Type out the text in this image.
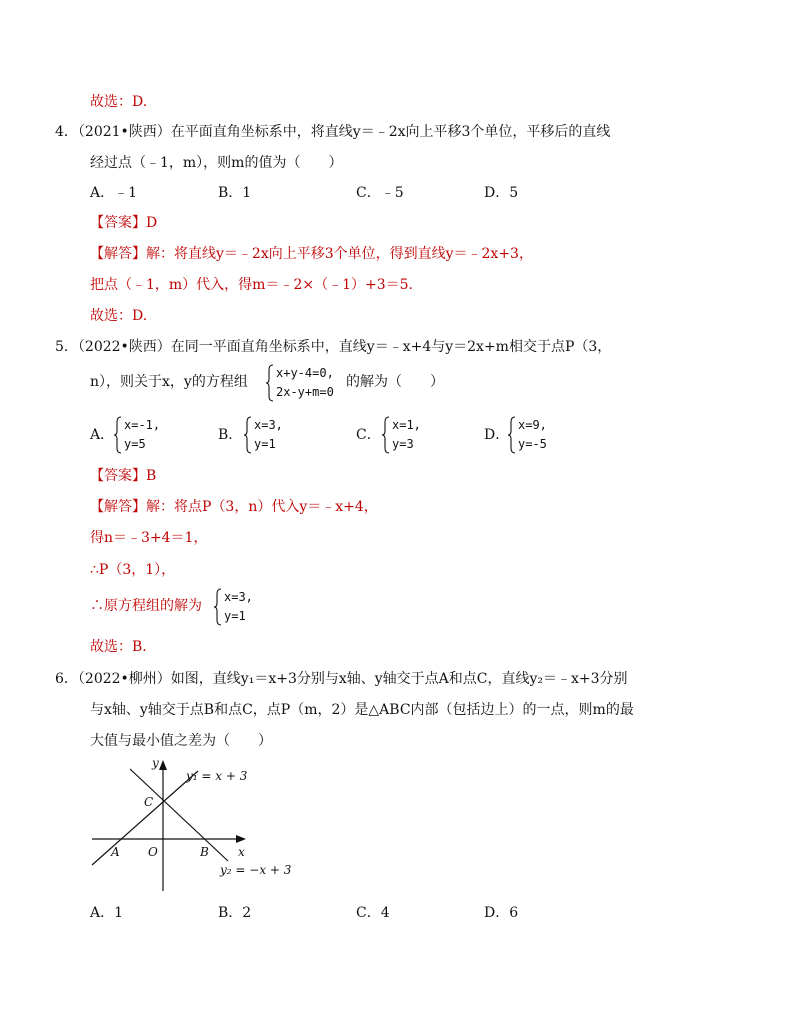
故选：D.
4．（2021•陕西）在平面直角坐标系中，将直线y＝﹣2x向上平移3个单位，平移后的直线
经过点（﹣1，m），则m的值为（　　）
A．﹣1	B．1	C．﹣5	D．5
【答案】D
【解答】解：将直线y＝﹣2x向上平移3个单位，得到直线y＝﹣2x+3，
把点（﹣1，m）代入，得m＝﹣2×（﹣1）+3＝5.
故选：D.
5．（2022•陕西）在同一平面直角坐标系中，直线y＝﹣x+4与y＝2x+m相交于点P（3，
n），则关于x，y的方程组
x+y-4=0,
2x-y+m=0
的解为（　　）
A．
x=-1,
y=5
B．
x=3,
y=1
C．
x=1,
y=3
D．
x=9,
y=-5
【答案】B
【解答】解：将点P（3，n）代入y＝﹣x+4，
得n＝﹣3+4＝1，
∴P（3，1），
∴原方程组的解为
x=3,
y=1
故选：B.
6．（2022•柳州）如图，直线y₁＝x+3分别与x轴、y轴交于点A和点C，直线y₂＝﹣x+3分别
与x轴、y轴交于点B和点C，点P（m，2）是△ABC内部（包括边上）的一点，则m的最
大值与最小值之差为（　　）
y
x
y₁ = x + 3
y₂ = −x + 3
C
A	B
O
A．1	B．2	C．4	D．6
